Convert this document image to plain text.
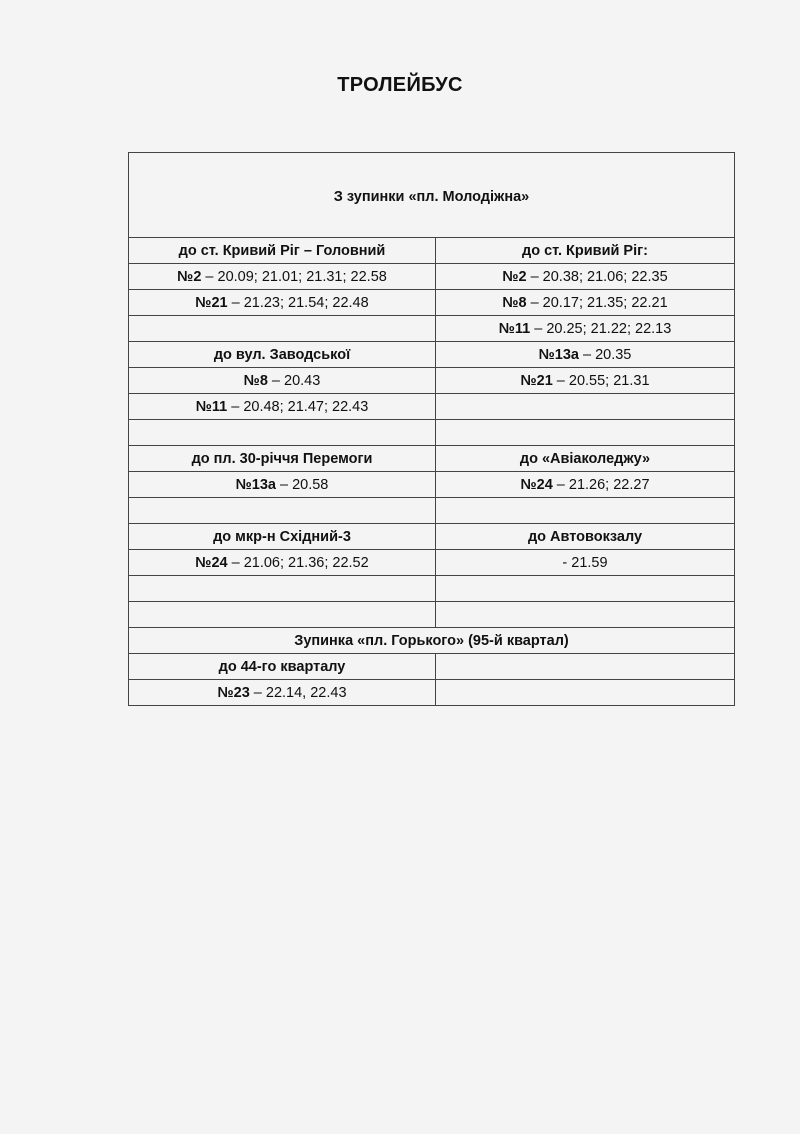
ТРОЛЕЙБУС
З зупинки «пл. Молодіжна»	
до ст. Кривий Ріг – Головний	до ст. Кривий Ріг:
№2 – 20.09; 21.01; 21.31; 22.58	№2 – 20.38; 21.06; 22.35
№21 – 21.23; 21.54; 22.48	№8 – 20.17; 21.35; 22.21
	№11 – 20.25; 21.22; 22.13
до вул. Заводської	№13а – 20.35
№8 – 20.43	№21 – 20.55; 21.31
№11 – 20.48; 21.47; 22.43	

до пл. 30-річчя Перемоги	до «Авіаколеджу»
№13а – 20.58	№24 – 21.26; 22.27

до мкр-н Східний-3	до Автовокзалу
№24 – 21.06; 21.36; 22.52	- 21.59

Зупинка «пл. Горького» (95-й квартал)	
до 44-го кварталу	
№23 – 22.14, 22.43	
